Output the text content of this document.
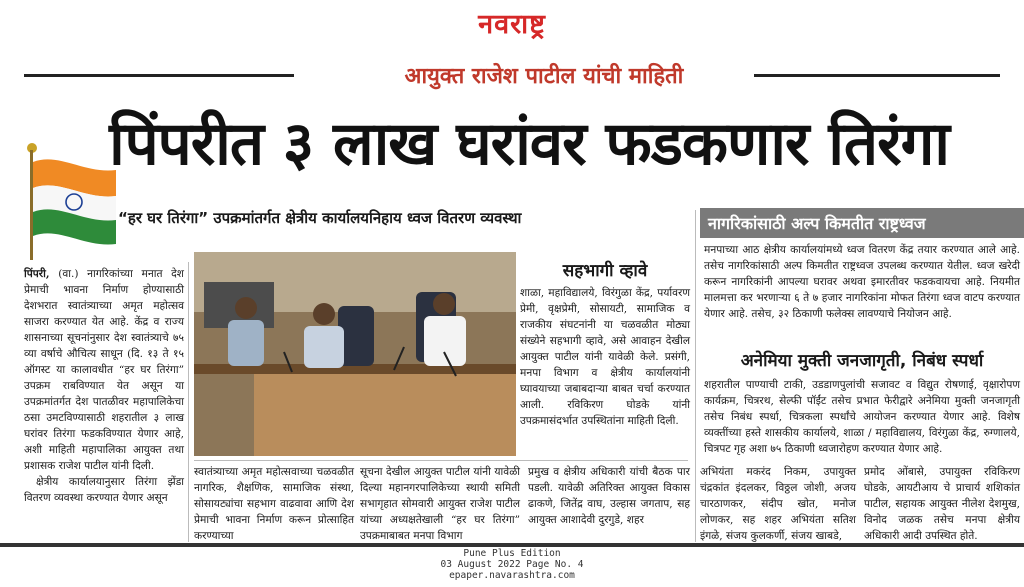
नवराष्ट्र
आयुक्त राजेश पाटील यांची माहिती
पिंपरीत ३ लाख घरांवर फडकणार तिरंगा
“हर घर तिरंगा” उपक्रमांतर्गत क्षेत्रीय कार्यालयनिहाय ध्वज वितरण व्यवस्था
पिंपरी, (वा.) नागरिकांच्या मनात देश प्रेमाची भावना निर्माण होण्यासाठी देशभरात स्वातंत्र्याच्या अमृत महोत्सव साजरा करण्यात येत आहे. केंद्र व राज्य शासनाच्या सूचनांनुसार देश स्वातंत्र्याचे ७५ व्या वर्षाचे औचित्य साधून (दि. १३ ते १५ ऑगस्ट या कालावधीत “हर घर तिरंगा” उपक्रम राबविण्यात येत असून या उपक्रमांतर्गत देश पातळीवर महापालिकेचा ठसा उमटविण्यासाठी शहरातील ३ लाख घरांवर तिरंगा फडकविण्यात येणार आहे, अशी माहिती महापालिका आयुक्त तथा प्रशासक राजेश पाटील यांनी दिली.
क्षेत्रीय कार्यालयानुसार तिरंगा झेंडा वितरण व्यवस्था करण्यात येणार असून
सहभागी व्हावे
शाळा, महाविद्यालये, विरंगुळा केंद्र, पर्यावरण प्रेमी, वृक्षप्रेमी, सोसायटी, सामाजिक व राजकीय संघटनांनी या चळवळीत मोठ्या संख्येने सहभागी व्हावे, असे आवाहन देखील आयुक्त पाटील यांनी यावेळी केले. प्रसंगी, मनपा विभाग व क्षेत्रीय कार्यालयांनी घ्यावयाच्या जबाबदाऱ्या बाबत चर्चा करण्यात आली. रविकिरण घोडके यांनी उपक्रमासंदर्भात उपस्थितांना माहिती दिली.
नागरिकांसाठी अल्प किमतीत राष्ट्रध्वज
मनपाच्या आठ क्षेत्रीय कार्यालयांमध्ये ध्वज वितरण केंद्र तयार करण्यात आले आहे. तसेच नागरिकांसाठी अल्प किमतीत राष्ट्रध्वज उपलब्ध करण्यात येतील. ध्वज खरेदी करून नागरिकांनी आपल्या घरावर अथवा इमारतीवर फडकवायचा आहे. नियमीत मालमत्ता कर भरणाऱ्या ६ ते ७ हजार नागरिकांना मोफत तिरंगा ध्वज वाटप करण्यात येणार आहे. तसेच, ३२ ठिकाणी फलेक्स लावण्याचे नियोजन आहे.
अनेमिया मुक्ती जनजागृती, निबंध स्पर्धा
शहरातील पाण्याची टाकी, उडडाणपुलांची सजावट व विद्युत रोषणाई, वृक्षारोपण कार्यक्रम, चित्ररथ, सेल्फी पॉईंट तसेच प्रभात फेरीद्वारे अनेमिया मुक्ती जनजागृती तसेच निबंध स्पर्धा, चित्रकला स्पर्धांचे आयोजन करण्यात येणार आहे. विशेष व्यक्तींच्या हस्ते शासकीय कार्यालये, शाळा / महाविद्यालय, विरंगुळा केंद्र, रुग्णालये, चित्रपट गृह अशा ७५ ठिकाणी ध्वजारोहण करण्यात येणार आहे.
स्वातंत्र्याच्या अमृत महोत्सवाच्या चळवळीत नागरिक, शैक्षणिक, सामाजिक संस्था, सोसायट्यांचा सहभाग वाढवावा आणि देश प्रेमाची भावना निर्माण करून प्रोत्साहित करण्याच्या
सूचना देखील आयुक्त पाटील यांनी यावेळी दिल्या महानगरपालिकेच्या स्थायी समिती सभागृहात सोमवारी आयुक्त राजेश पाटील यांच्या अध्यक्षतेखाली “हर घर तिरंगा” उपक्रमाबाबत मनपा विभाग
प्रमुख व क्षेत्रीय अधिकारी यांची बैठक पार पडली. यावेळी अतिरिक्त आयुक्त विकास ढाकणे, जितेंद्र वाघ, उल्हास जगताप, सह आयुक्त आशादेवी दुरगुडे, शहर
अभियंता मकरंद निकम, उपायुक्त चंद्रकांत इंदलकर, विठ्ठल जोशी, अजय चारठाणकर, संदीप खोत, मनोज लोणकर, सह शहर अभियंता सतिश इंगळे, संजय कुलकर्णी, संजय खाबडे,
प्रमोद ओंबासे, उपायुक्त रविकिरण घोडके, आयटीआय चे प्राचार्य शशिकांत पाटील, सहायक आयुक्त नीलेश देशमुख, विनोद जळक तसेच मनपा क्षेत्रीय अधिकारी आदी उपस्थित होते.
Pune Plus Edition
03 August 2022 Page No. 4
epaper.navarashtra.com
